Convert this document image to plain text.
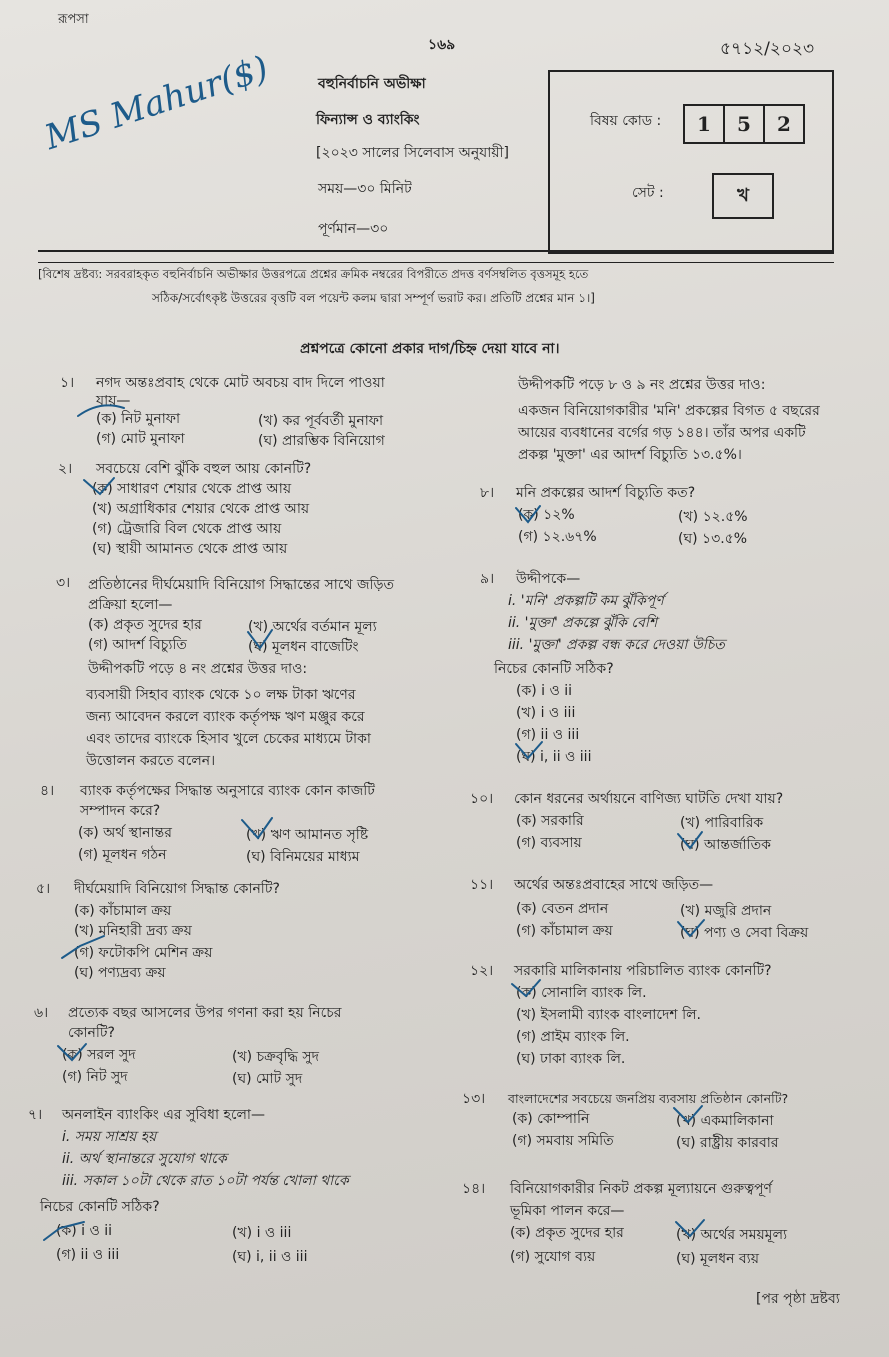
রূপসা
১৬৯	৫৭১২/২০২৩
বহুনির্বাচনি অভীক্ষা
ফিন্যান্স ও ব্যাংকিং
[২০২৩ সালের সিলেবাস অনুযায়ী]
সময়—৩০ মিনিট
পূর্ণমান—৩০
MS Mahur($)	বিষয় কোড :	1	5	2
সেট :	খ
[বিশেষ দ্রষ্টব্য: সরবরাহকৃত বহুনির্বাচনি অভীক্ষার উত্তরপত্রে প্রশ্নের ক্রমিক নম্বরের বিপরীতে প্রদত্ত বর্ণসম্বলিত বৃত্তসমূহ হতে
সঠিক/সর্বোৎকৃষ্ট উত্তরের বৃত্তটি বল পয়েন্ট কলম দ্বারা সম্পূর্ণ ভরাট কর। প্রতিটি প্রশ্নের মান ১।]
প্রশ্নপত্রে কোনো প্রকার দাগ/চিহ্ন দেয়া যাবে না।
১। নগদ অন্তঃপ্রবাহ থেকে মোট অবচয় বাদ দিলে পাওয়া
যায়—
(ক) নিট মুনাফা	(খ) কর পূর্ববর্তী মুনাফা
(গ) মোট মুনাফা	(ঘ) প্রারম্ভিক বিনিয়োগ
২। সবচেয়ে বেশি ঝুঁকি বহুল আয় কোনটি?
(ক) সাধারণ শেয়ার থেকে প্রাপ্ত আয়
(খ) অগ্রাধিকার শেয়ার থেকে প্রাপ্ত আয়
(গ) ট্রেজারি বিল থেকে প্রাপ্ত আয়
(ঘ) স্থায়ী আমানত থেকে প্রাপ্ত আয়
৩। প্রতিষ্ঠানের দীর্ঘমেয়াদি বিনিয়োগ সিদ্ধান্তের সাথে জড়িত
প্রক্রিয়া হলো—
(ক) প্রকৃত সুদের হার	(খ) অর্থের বর্তমান মূল্য
(গ) আদর্শ বিচ্যুতি	(ঘ) মূলধন বাজেটিং
উদ্দীপকটি পড়ে ৪ নং প্রশ্নের উত্তর দাও:
ব্যবসায়ী সিহাব ব্যাংক থেকে ১০ লক্ষ টাকা ঋণের
জন্য আবেদন করলে ব্যাংক কর্তৃপক্ষ ঋণ মঞ্জুর করে
এবং তাদের ব্যাংকে হিসাব খুলে চেকের মাধ্যমে টাকা
উত্তোলন করতে বলেন।
৪। ব্যাংক কর্তৃপক্ষের সিদ্ধান্ত অনুসারে ব্যাংক কোন কাজটি
সম্পাদন করে?
(ক) অর্থ স্থানান্তর	(খ) ঋণ আমানত সৃষ্টি
(গ) মূলধন গঠন	(ঘ) বিনিময়ের মাধ্যম
৫। দীর্ঘমেয়াদি বিনিয়োগ সিদ্ধান্ত কোনটি?
(ক) কাঁচামাল ক্রয়
(খ) মনিহারী দ্রব্য ক্রয়
(গ) ফটোকপি মেশিন ক্রয়
(ঘ) পণ্যদ্রব্য ক্রয়
৬। প্রত্যেক বছর আসলের উপর গণনা করা হয় নিচের
কোনটি?
(ক) সরল সুদ	(খ) চক্রবৃদ্ধি সুদ
(গ) নিট সুদ	(ঘ) মোট সুদ
৭। অনলাইন ব্যাংকিং এর সুবিধা হলো—
i. সময় সাশ্রয় হয়
ii. অর্থ স্থানান্তরে সুযোগ থাকে
iii. সকাল ১০টা থেকে রাত ১০টা পর্যন্ত খোলা থাকে
নিচের কোনটি সঠিক?
(ক) i ও ii	(খ) i ও iii
(গ) ii ও iii	(ঘ) i, ii ও iii
উদ্দীপকটি পড়ে ৮ ও ৯ নং প্রশ্নের উত্তর দাও:
একজন বিনিয়োগকারীর 'মনি' প্রকল্পের বিগত ৫ বছরের
আয়ের ব্যবধানের বর্গের গড় ১৪৪। তাঁর অপর একটি
প্রকল্প 'মুক্তা' এর আদর্শ বিচ্যুতি ১৩.৫%।
৮। মনি প্রকল্পের আদর্শ বিচ্যুতি কত?
(ক) ১২%	(খ) ১২.৫%
(গ) ১২.৬৭%	(ঘ) ১৩.৫%
৯। উদ্দীপকে—
i. 'মনি' প্রকল্পটি কম ঝুঁকিপূর্ণ
ii. 'মুক্তা' প্রকল্পে ঝুঁকি বেশি
iii. 'মুক্তা' প্রকল্প বন্ধ করে দেওয়া উচিত
নিচের কোনটি সঠিক?
(ক) i ও ii
(খ) i ও iii
(গ) ii ও iii
(ঘ) i, ii ও iii
১০। কোন ধরনের অর্থায়নে বাণিজ্য ঘাটতি দেখা যায়?
(ক) সরকারি	(খ) পারিবারিক
(গ) ব্যবসায়	(ঘ) আন্তর্জাতিক
১১। অর্থের অন্তঃপ্রবাহের সাথে জড়িত—
(ক) বেতন প্রদান	(খ) মজুরি প্রদান
(গ) কাঁচামাল ক্রয়	(ঘ) পণ্য ও সেবা বিক্রয়
১২। সরকারি মালিকানায় পরিচালিত ব্যাংক কোনটি?
(ক) সোনালি ব্যাংক লি.
(খ) ইসলামী ব্যাংক বাংলাদেশ লি.
(গ) প্রাইম ব্যাংক লি.
(ঘ) ঢাকা ব্যাংক লি.
১৩। বাংলাদেশের সবচেয়ে জনপ্রিয় ব্যবসায় প্রতিষ্ঠান কোনটি?
(ক) কোম্পানি	(খ) একমালিকানা
(গ) সমবায় সমিতি	(ঘ) রাষ্ট্রীয় কারবার
১৪। বিনিয়োগকারীর নিকট প্রকল্প মূল্যায়নে গুরুত্বপূর্ণ
ভূমিকা পালন করে—
(ক) প্রকৃত সুদের হার	(খ) অর্থের সময়মূল্য
(গ) সুযোগ ব্যয়	(ঘ) মূলধন ব্যয়
[পর পৃষ্ঠা দ্রষ্টব্য
